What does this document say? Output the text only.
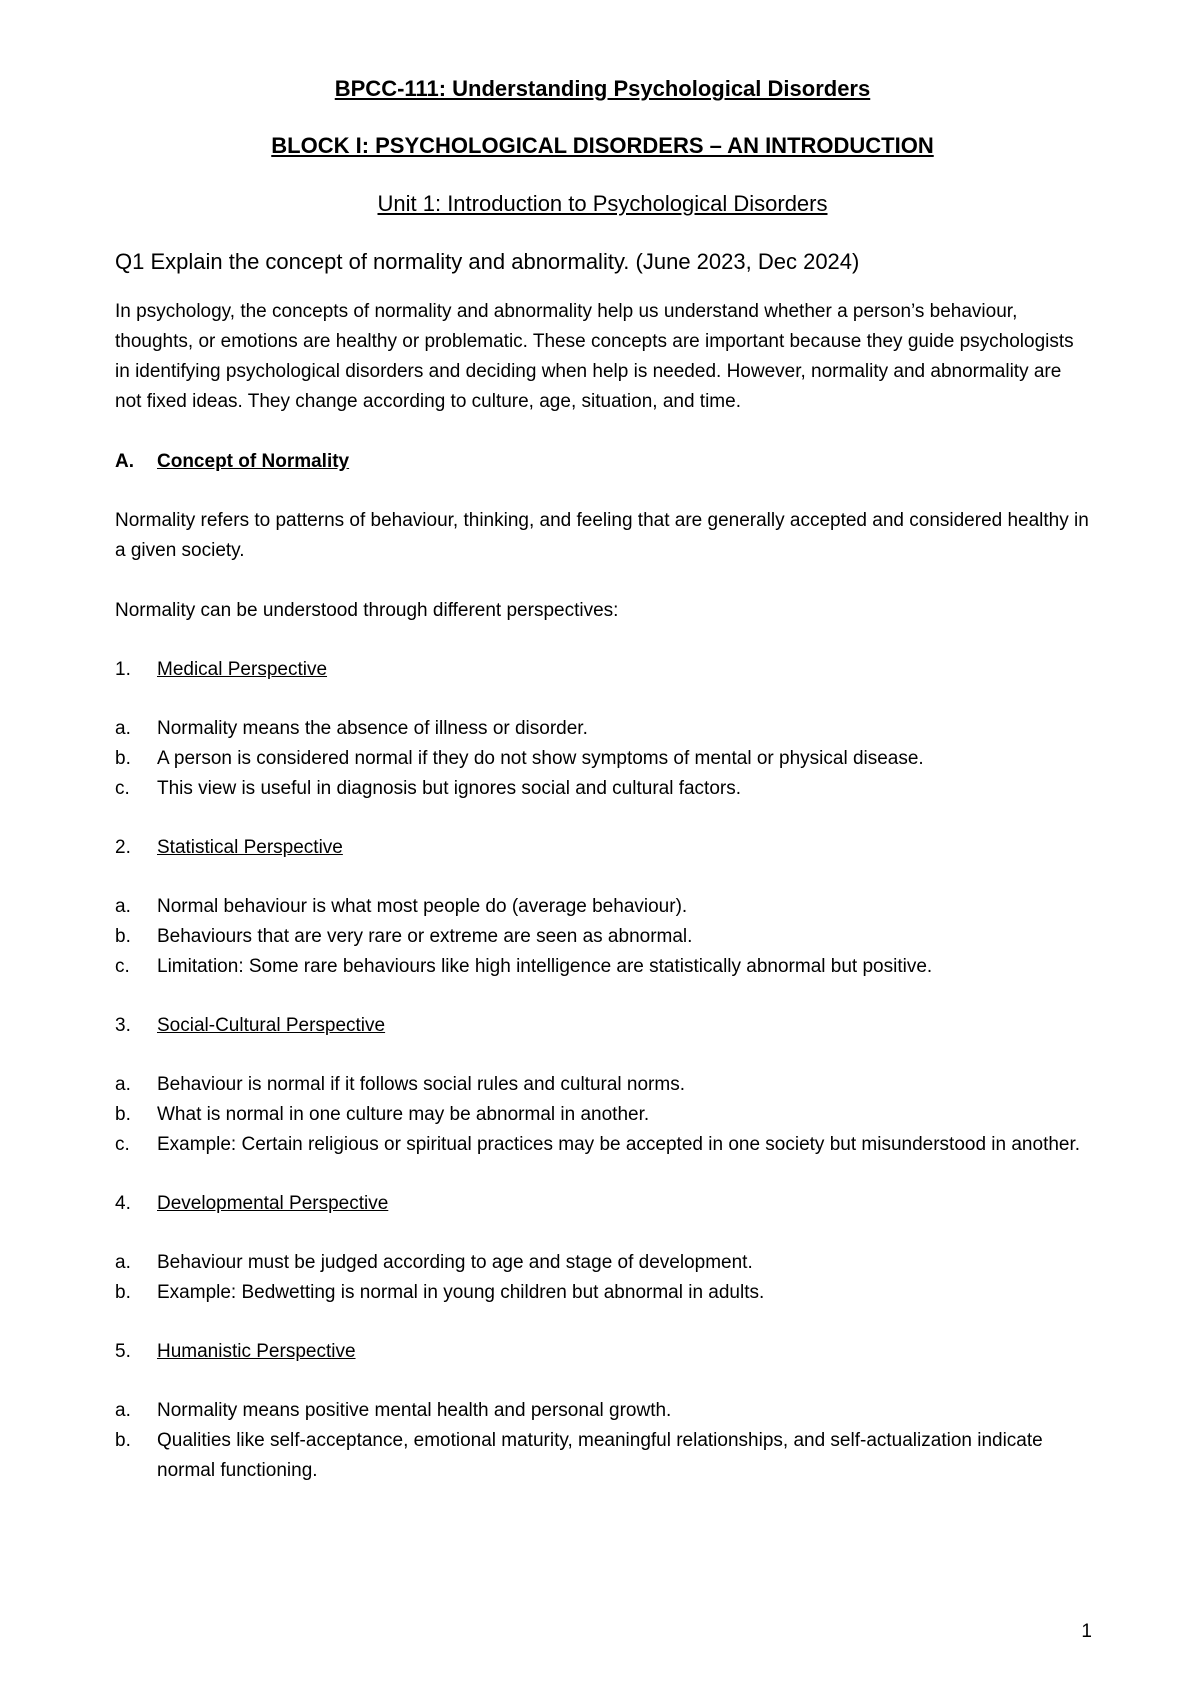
BPCC-111: Understanding Psychological Disorders
BLOCK I: PSYCHOLOGICAL DISORDERS – AN INTRODUCTION
Unit 1: Introduction to Psychological Disorders
Q1 Explain the concept of normality and abnormality. (June 2023, Dec 2024)
In psychology, the concepts of normality and abnormality help us understand whether a person’s behaviour, thoughts, or emotions are healthy or problematic. These concepts are important because they guide psychologists in identifying psychological disorders and deciding when help is needed. However, normality and abnormality are not fixed ideas. They change according to culture, age, situation, and time.
A.	Concept of Normality
Normality refers to patterns of behaviour, thinking, and feeling that are generally accepted and considered healthy in a given society.
Normality can be understood through different perspectives:
1.	Medical Perspective
a.	Normality means the absence of illness or disorder.
b.	A person is considered normal if they do not show symptoms of mental or physical disease.
c.	This view is useful in diagnosis but ignores social and cultural factors.
2.	Statistical Perspective
a.	Normal behaviour is what most people do (average behaviour).
b.	Behaviours that are very rare or extreme are seen as abnormal.
c.	Limitation: Some rare behaviours like high intelligence are statistically abnormal but positive.
3.	Social-Cultural Perspective
a.	Behaviour is normal if it follows social rules and cultural norms.
b.	What is normal in one culture may be abnormal in another.
c.	Example: Certain religious or spiritual practices may be accepted in one society but misunderstood in another.
4.	Developmental Perspective
a.	Behaviour must be judged according to age and stage of development.
b.	Example: Bedwetting is normal in young children but abnormal in adults.
5.	Humanistic Perspective
a.	Normality means positive mental health and personal growth.
b.	Qualities like self-acceptance, emotional maturity, meaningful relationships, and self-actualization indicate normal functioning.
1
